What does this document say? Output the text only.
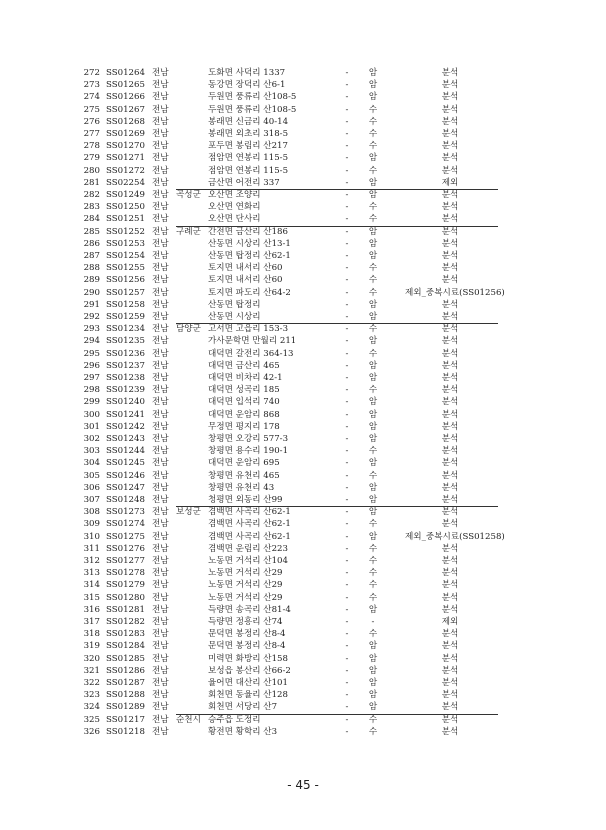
272 SS01264 전남	도화면 사덕리 1337	-	암	분석
273 SS01265 전남	동강면 장덕리 산6-1	-	암	분석
274 SS01266 전남	두원면 풍류리 산108-5	-	암	분석
275 SS01267 전남	두원면 풍류리 산108-5	-	수	분석
276 SS01268 전남	봉래면 신금리 40-14	-	수	분석
277 SS01269 전남	봉래면 외초리 318-5	-	수	분석
278 SS01270 전남	포두면 봉림리 산217	-	수	분석
279 SS01271 전남	점암면 연봉리 115-5	-	암	분석
280 SS01272 전남	점암면 연봉리 115-5	-	수	분석
281 SS02254 전남	금산면 어전리 337	-	암	제외
282 SS01249 전남 곡성군 오산면 조양리	-	암	분석
283 SS01250 전남	오산면 연화리	-	수	분석
284 SS01251 전남	오산면 단사리	-	수	분석
285 SS01252 전남 구례군 간전면 금산리 산186	-	암	분석
286 SS01253 전남	산동면 시상리 산13-1	-	암	분석
287 SS01254 전남	산동면 탑정리 산62-1	-	암	분석
288 SS01255 전남	토지면 내서리 산60	-	수	분석
289 SS01256 전남	토지면 내서리 산60	-	수	분석
290 SS01257 전남	토지면 파도리 산64-2	-	수	제외_중복시료(SS01256)
291 SS01258 전남	산동면 탑정리	-	암	분석
292 SS01259 전남	산동면 시상리	-	암	분석
293 SS01234 전남 담양군 고서면 고읍리 153-3	-	수	분석
294 SS01235 전남	가사문학면 만월리 211	-	암	분석
295 SS01236 전남	대덕면 갈전리 364-13	-	수	분석
296 SS01237 전남	대덕면 금산리 465	-	암	분석
297 SS01238 전남	대덕면 비차리 42-1	-	암	분석
298 SS01239 전남	대덕면 성곡리 185	-	수	분석
299 SS01240 전남	대덕면 입석리 740	-	암	분석
300 SS01241 전남	대덕면 운암리 868	-	암	분석
301 SS01242 전남	무정면 평지리 178	-	암	분석
302 SS01243 전남	창평면 오강리 577-3	-	암	분석
303 SS01244 전남	창평면 용수리 190-1	-	수	분석
304 SS01245 전남	대덕면 운암리 695	-	암	분석
305 SS01246 전남	창평면 유천리 465	-	수	분석
306 SS01247 전남	창평면 유천리 43	-	암	분석
307 SS01248 전남	청평면 외동리 산99	-	암	분석
308 SS01273 전남 보성군 겸백면 사곡리 산62-1	-	암	분석
309 SS01274 전남	겸백면 사곡리 산62-1	-	수	분석
310 SS01275 전남	겸백면 사곡리 산62-1	-	암	제외_중복시료(SS01258)
311 SS01276 전남	겸백면 운림리 산223	-	수	분석
312 SS01277 전남	노동면 거석리 산104	-	수	분석
313 SS01278 전남	노동면 거석리 산29	-	수	분석
314 SS01279 전남	노동면 거석리 산29	-	수	분석
315 SS01280 전남	노동면 거석리 산29	-	수	분석
316 SS01281 전남	득량면 송곡리 산81-4	-	암	분석
317 SS01282 전남	득량면 정흥리 산74	-	-	제외
318 SS01283 전남	문덕면 봉정리 산8-4	-	수	분석
319 SS01284 전남	문덕면 봉정리 산8-4	-	암	분석
320 SS01285 전남	미력면 화방리 산158	-	암	분석
321 SS01286 전남	보성읍 봉산리 산66-2	-	암	분석
322 SS01287 전남	율어면 대산리 산101	-	암	분석
323 SS01288 전남	회천면 동율리 산128	-	암	분석
324 SS01289 전남	회천면 서당리 산7	-	암	분석
325 SS01217 전남 순천시 승주읍 도정리	-	수	분석
326 SS01218 전남	황전면 황학리 산3	-	수	분석
- 45 -
